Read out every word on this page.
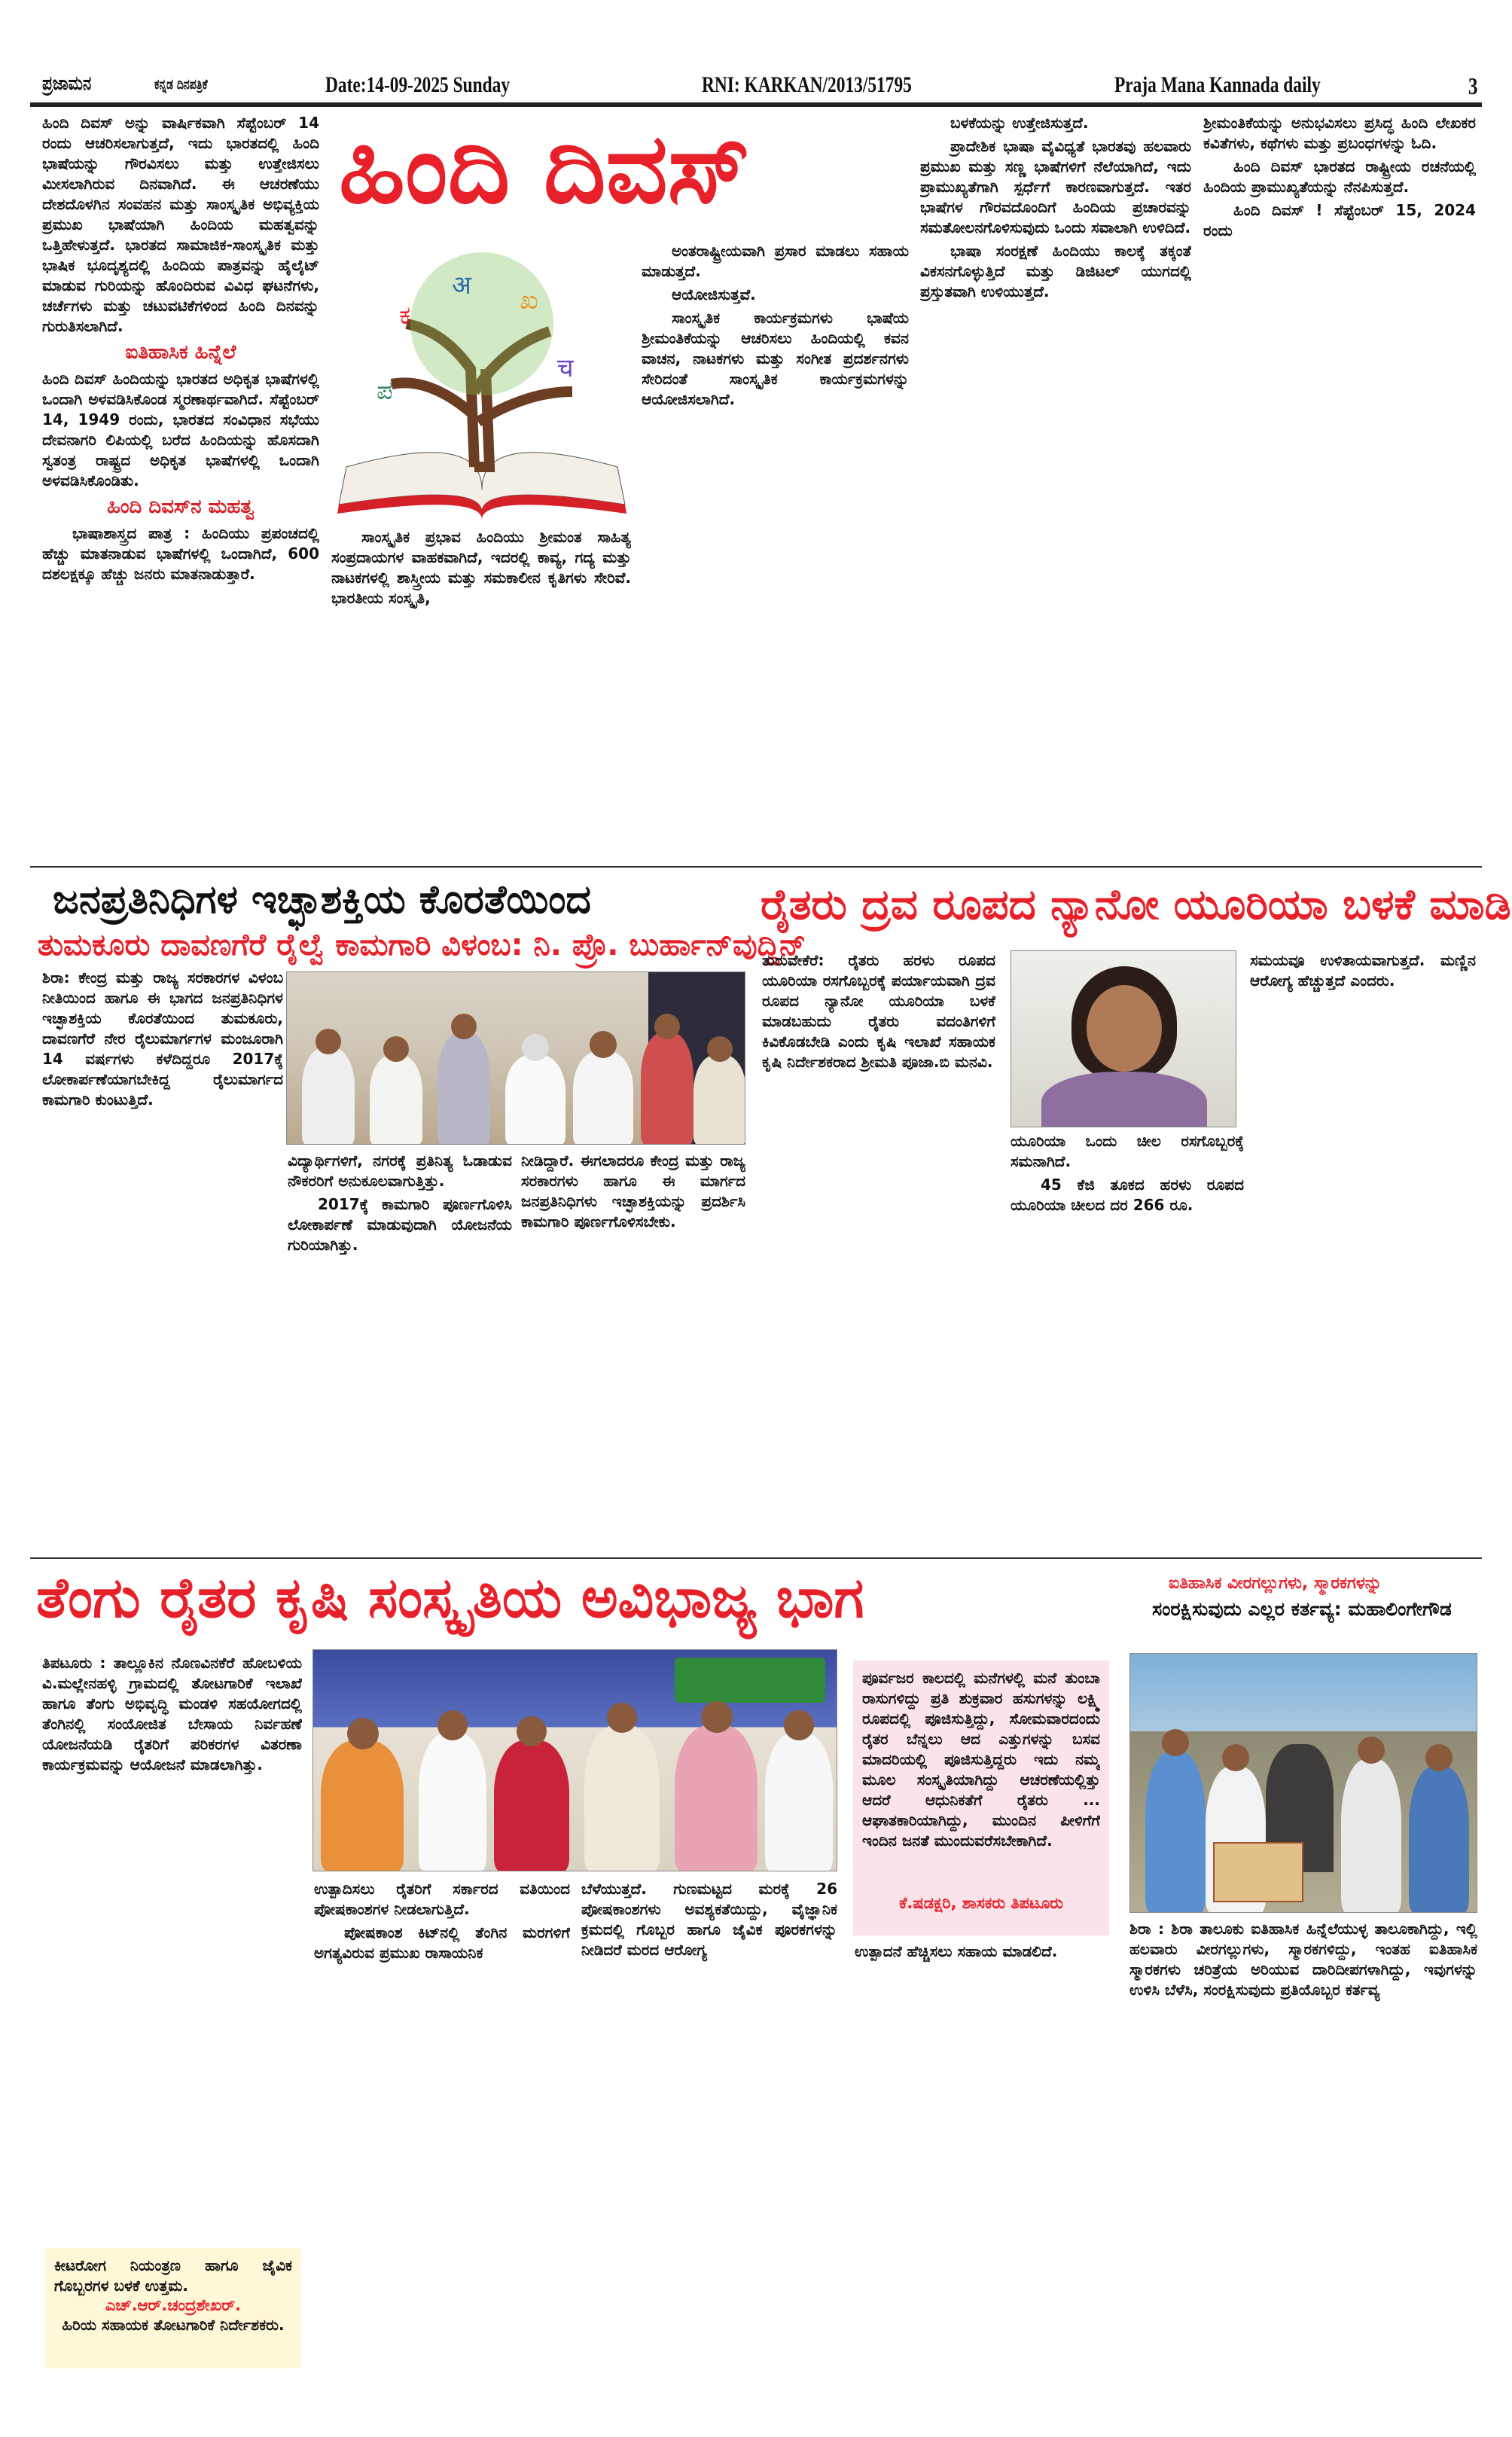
ಪ್ರಜಾಮನ	ಕನ್ನಡ ದಿನಪತ್ರಿಕೆ	Date:14-09-2025 Sunday	RNI: KARKAN/2013/51795	Praja Mana Kannada daily	3

ಹಿಂದಿ ದಿವಸ್ ಅನ್ನು ವಾರ್ಷಿಕವಾಗಿ ಸೆಪ್ಟೆಂಬರ್ 14 ರಂದು ಆಚರಿಸಲಾಗುತ್ತದೆ, ಇದು ಭಾರತದಲ್ಲಿ ಹಿಂದಿ ಭಾಷೆಯನ್ನು ಗೌರವಿಸಲು ಮತ್ತು ಉತ್ತೇಜಿಸಲು ಮೀಸಲಾಗಿರುವ ದಿನವಾಗಿದೆ. ಈ ಆಚರಣೆಯು ದೇಶದೊಳಗಿನ ಸಂವಹನ ಮತ್ತು ಸಾಂಸ್ಕೃತಿಕ ಅಭಿವ್ಯಕ್ತಿಯ ಪ್ರಮುಖ ಭಾಷೆಯಾಗಿ ಹಿಂದಿಯ ಮಹತ್ವವನ್ನು ಒತ್ತಿಹೇಳುತ್ತದೆ. ಭಾರತದ ಸಾಮಾಜಿಕ-ಸಾಂಸ್ಕೃತಿಕ ಮತ್ತು ಭಾಷಿಕ ಭೂದೃಶ್ಯದಲ್ಲಿ ಹಿಂದಿಯ ಪಾತ್ರವನ್ನು ಹೈಲೈಟ್ ಮಾಡುವ ಗುರಿಯನ್ನು ಹೊಂದಿರುವ ವಿವಿಧ ಘಟನೆಗಳು, ಚರ್ಚೆಗಳು ಮತ್ತು ಚಟುವಟಿಕೆಗಳಿಂದ ಹಿಂದಿ ದಿನವನ್ನು ಗುರುತಿಸಲಾಗಿದೆ.

ಐತಿಹಾಸಿಕ ಹಿನ್ನೆಲೆ

ಹಿಂದಿ ದಿವಸ್ ಹಿಂದಿಯನ್ನು ಭಾರತದ ಅಧಿಕೃತ ಭಾಷೆಗಳಲ್ಲಿ ಒಂದಾಗಿ ಅಳವಡಿಸಿಕೊಂಡ ಸ್ಮರಣಾರ್ಥವಾಗಿದೆ. ಸೆಪ್ಟೆಂಬರ್ 14, 1949 ರಂದು, ಭಾರತದ ಸಂವಿಧಾನ ಸಭೆಯು ದೇವನಾಗರಿ ಲಿಪಿಯಲ್ಲಿ ಬರೆದ ಹಿಂದಿಯನ್ನು ಹೊಸದಾಗಿ ಸ್ವತಂತ್ರ ರಾಷ್ಟ್ರದ ಅಧಿಕೃತ ಭಾಷೆಗಳಲ್ಲಿ ಒಂದಾಗಿ ಅಳವಡಿಸಿಕೊಂಡಿತು.

ಹಿಂದಿ ದಿವಸ್‌ನ ಮಹತ್ವ

ಭಾಷಾಶಾಸ್ತ್ರದ ಪಾತ್ರ : ಹಿಂದಿಯು ಪ್ರಪಂಚದಲ್ಲಿ ಹೆಚ್ಚು ಮಾತನಾಡುವ ಭಾಷೆಗಳಲ್ಲಿ ಒಂದಾಗಿದೆ, 600 ದಶಲಕ್ಷಕ್ಕೂ ಹೆಚ್ಚು ಜನರು ಮಾತನಾಡುತ್ತಾರೆ.

ಹಿಂದಿ ದಿವಸ್
ಕ
अ ಖ
च
ಪ

ಸಾಂಸ್ಕೃತಿಕ ಪ್ರಭಾವ ಹಿಂದಿಯು ಶ್ರೀಮಂತ ಸಾಹಿತ್ಯ ಸಂಪ್ರದಾಯಗಳ ವಾಹಕವಾಗಿದೆ, ಇದರಲ್ಲಿ ಕಾವ್ಯ, ಗದ್ಯ ಮತ್ತು ನಾಟಕಗಳಲ್ಲಿ ಶಾಸ್ತ್ರೀಯ ಮತ್ತು ಸಮಕಾಲೀನ ಕೃತಿಗಳು ಸೇರಿವೆ. ಭಾರತೀಯ ಸಂಸ್ಕೃತಿ,

ಅಂತರಾಷ್ಟ್ರೀಯವಾಗಿ ಪ್ರಸಾರ ಮಾಡಲು ಸಹಾಯ ಮಾಡುತ್ತದೆ.

ಆಯೋಜಿಸುತ್ತವೆ.

ಸಾಂಸ್ಕೃತಿಕ ಕಾರ್ಯಕ್ರಮಗಳು ಭಾಷೆಯ ಶ್ರೀಮಂತಿಕೆಯನ್ನು ಆಚರಿಸಲು ಹಿಂದಿಯಲ್ಲಿ ಕವನ ವಾಚನ, ನಾಟಕಗಳು ಮತ್ತು ಸಂಗೀತ ಪ್ರದರ್ಶನಗಳು ಸೇರಿದಂತೆ ಸಾಂಸ್ಕೃತಿಕ ಕಾರ್ಯಕ್ರಮಗಳನ್ನು ಆಯೋಜಿಸಲಾಗಿದೆ.

ಬಳಕೆಯನ್ನು ಉತ್ತೇಜಿಸುತ್ತದೆ.

ಪ್ರಾದೇಶಿಕ ಭಾಷಾ ವೈವಿಧ್ಯತೆ ಭಾರತವು ಹಲವಾರು ಪ್ರಮುಖ ಮತ್ತು ಸಣ್ಣ ಭಾಷೆಗಳಿಗೆ ನೆಲೆಯಾಗಿದೆ, ಇದು ಪ್ರಾಮುಖ್ಯತೆಗಾಗಿ ಸ್ಪರ್ಧೆಗೆ ಕಾರಣವಾಗುತ್ತದೆ. ಇತರ ಭಾಷೆಗಳ ಗೌರವದೊಂದಿಗೆ ಹಿಂದಿಯ ಪ್ರಚಾರವನ್ನು ಸಮತೋಲನಗೊಳಿಸುವುದು ಒಂದು ಸವಾಲಾಗಿ ಉಳಿದಿದೆ.

ಭಾಷಾ ಸಂರಕ್ಷಣೆ ಹಿಂದಿಯು ಕಾಲಕ್ಕೆ ತಕ್ಕಂತೆ ವಿಕಸನಗೊಳ್ಳುತ್ತಿದೆ ಮತ್ತು ಡಿಜಿಟಲ್ ಯುಗದಲ್ಲಿ ಪ್ರಸ್ತುತವಾಗಿ ಉಳಿಯುತ್ತದೆ.

ಶ್ರೀಮಂತಿಕೆಯನ್ನು ಅನುಭವಿಸಲು ಪ್ರಸಿದ್ಧ ಹಿಂದಿ ಲೇಖಕರ ಕವಿತೆಗಳು, ಕಥೆಗಳು ಮತ್ತು ಪ್ರಬಂಧಗಳನ್ನು ಓದಿ.

ಹಿಂದಿ ದಿವಸ್ ಭಾರತದ ರಾಷ್ಟ್ರೀಯ ರಚನೆಯಲ್ಲಿ ಹಿಂದಿಯ ಪ್ರಾಮುಖ್ಯತೆಯನ್ನು ನೆನಪಿಸುತ್ತದೆ.

ಹಿಂದಿ ದಿವಸ್ ! ಸೆಪ್ಟೆಂಬರ್ 15, 2024 ರಂದು

ಜನಪ್ರತಿನಿಧಿಗಳ ಇಚ್ಛಾಶಕ್ತಿಯ ಕೊರತೆಯಿಂದ
ತುಮಕೂರು ದಾವಣಗೆರೆ ರೈಲ್ವೆ ಕಾಮಗಾರಿ ವಿಳಂಬ: ನಿ. ಪ್ರೊ. ಬುರ್ಹಾನ್‌ವುದ್ದಿನ್

ಶಿರಾ: ಕೇಂದ್ರ ಮತ್ತು ರಾಜ್ಯ ಸರಕಾರಗಳ ವಿಳಂಬ ನೀತಿಯಿಂದ ಹಾಗೂ ಈ ಭಾಗದ ಜನಪ್ರತಿನಿಧಿಗಳ ಇಚ್ಛಾಶಕ್ತಿಯ ಕೊರತೆಯಿಂದ ತುಮಕೂರು, ದಾವಣಗೆರೆ ನೇರ ರೈಲುಮಾರ್ಗಗಳ ಮಂಜೂರಾಗಿ 14 ವರ್ಷಗಳು ಕಳೆದಿದ್ದರೂ 2017ಕ್ಕೆ ಲೋಕಾರ್ಪಣೆಯಾಗಬೇಕಿದ್ದ ರೈಲುಮಾರ್ಗದ ಕಾಮಗಾರಿ ಕುಂಟುತ್ತಿದೆ.

ವಿದ್ಯಾರ್ಥಿಗಳಿಗೆ, ನಗರಕ್ಕೆ ಪ್ರತಿನಿತ್ಯ ಓಡಾಡುವ ನೌಕರರಿಗೆ ಅನುಕೂಲವಾಗುತ್ತಿತ್ತು.

2017ಕ್ಕೆ ಕಾಮಗಾರಿ ಪೂರ್ಣಗೊಳಿಸಿ ಲೋಕಾರ್ಪಣೆ ಮಾಡುವುದಾಗಿ ಯೋಜನೆಯ ಗುರಿಯಾಗಿತ್ತು.

ನೀಡಿದ್ದಾರೆ. ಈಗಲಾದರೂ ಕೇಂದ್ರ ಮತ್ತು ರಾಜ್ಯ ಸರಕಾರಗಳು ಹಾಗೂ ಈ ಮಾರ್ಗದ ಜನಪ್ರತಿನಿಧಿಗಳು ಇಚ್ಛಾಶಕ್ತಿಯನ್ನು ಪ್ರದರ್ಶಿಸಿ ಕಾಮಗಾರಿ ಪೂರ್ಣಗೊಳಿಸಬೇಕು.

ರೈತರು ದ್ರವ ರೂಪದ ನ್ಯಾನೋ ಯೂರಿಯಾ ಬಳಕೆ ಮಾಡಿ

ತುರುವೇಕೆರೆ: ರೈತರು ಹರಳು ರೂಪದ ಯೂರಿಯಾ ರಸಗೊಬ್ಬರಕ್ಕೆ ಪರ್ಯಾಯವಾಗಿ ದ್ರವ ರೂಪದ ನ್ಯಾನೋ ಯೂರಿಯಾ ಬಳಕೆ ಮಾಡಬಹುದು ರೈತರು ವದಂತಿಗಳಿಗೆ ಕಿವಿಕೊಡಬೇಡಿ ಎಂದು ಕೃಷಿ ಇಲಾಖೆ ಸಹಾಯಕ ಕೃಷಿ ನಿರ್ದೇಶಕರಾದ ಶ್ರೀಮತಿ ಪೂಜಾ.ಬಿ ಮನವಿ.

ಯೂರಿಯಾ ಒಂದು ಚೀಲ ರಸಗೊಬ್ಬರಕ್ಕೆ ಸಮನಾಗಿದೆ.

45 ಕೆಜಿ ತೂಕದ ಹರಳು ರೂಪದ ಯೂರಿಯಾ ಚೀಲದ ದರ 266 ರೂ.

ಸಮಯವೂ ಉಳಿತಾಯವಾಗುತ್ತದೆ. ಮಣ್ಣಿನ ಆರೋಗ್ಯ ಹೆಚ್ಚುತ್ತದೆ ಎಂದರು.

ತೆಂಗು ರೈತರ ಕೃಷಿ ಸಂಸ್ಕೃತಿಯ ಅವಿಭಾಜ್ಯ ಭಾಗ	ಐತಿಹಾಸಿಕ ವೀರಗಲ್ಲುಗಳು, ಸ್ಮಾರಕಗಳನ್ನು
ಸಂರಕ್ಷಿಸುವುದು ಎಲ್ಲರ ಕರ್ತವ್ಯ: ಮಹಾಲಿಂಗೇಗೌಡ

ತಿಪಟೂರು : ತಾಲ್ಲೂಕಿನ ನೊಣವಿನಕೆರೆ ಹೋಬಳಿಯ ವಿ.ಮಲ್ಲೇನಹಳ್ಳಿ ಗ್ರಾಮದಲ್ಲಿ ತೋಟಗಾರಿಕೆ ಇಲಾಖೆ ಹಾಗೂ ತೆಂಗು ಅಭಿವೃದ್ಧಿ ಮಂಡಳಿ ಸಹಯೋಗದಲ್ಲಿ ತೆಂಗಿನಲ್ಲಿ ಸಂಯೋಜಿತ ಬೇಸಾಯ ನಿರ್ವಹಣೆ ಯೋಜನೆಯಡಿ ರೈತರಿಗೆ ಪರಿಕರಗಳ ವಿತರಣಾ ಕಾರ್ಯಕ್ರಮವನ್ನು ಆಯೋಜನೆ ಮಾಡಲಾಗಿತ್ತು.

ಕೀಟರೋಗ ನಿಯಂತ್ರಣ ಹಾಗೂ ಜೈವಿಕ ಗೊಬ್ಬರಗಳ ಬಳಕೆ ಉತ್ತಮ.
ಎಚ್.ಆರ್.ಚಂದ್ರಶೇಖರ್.
ಹಿರಿಯ ಸಹಾಯಕ ತೋಟಗಾರಿಕೆ ನಿರ್ದೇಶಕರು.

ಉತ್ಪಾದಿಸಲು ರೈತರಿಗೆ ಸರ್ಕಾರದ ವತಿಯಿಂದ ಪೋಷಕಾಂಶಗಳ ನೀಡಲಾಗುತ್ತಿದೆ.

ಪೋಷಕಾಂಶ ಕಿಟ್‌ನಲ್ಲಿ ತೆಂಗಿನ ಮರಗಳಿಗೆ ಅಗತ್ಯವಿರುವ ಪ್ರಮುಖ ರಾಸಾಯನಿಕ

ಬೆಳೆಯುತ್ತದೆ. ಗುಣಮಟ್ಟದ ಮರಕ್ಕೆ 26 ಪೋಷಕಾಂಶಗಳು ಅವಶ್ಯಕತೆಯಿದ್ದು, ವೈಜ್ಞಾನಿಕ ಕ್ರಮದಲ್ಲಿ ಗೊಬ್ಬರ ಹಾಗೂ ಜೈವಿಕ ಪೂರಕಗಳನ್ನು ನೀಡಿದರೆ ಮರದ ಆರೋಗ್ಯ

ಪೂರ್ವಜರ ಕಾಲದಲ್ಲಿ ಮನೆಗಳಲ್ಲಿ ಮನೆ ತುಂಬಾ ರಾಸುಗಳಿದ್ದು ಪ್ರತಿ ಶುಕ್ರವಾರ ಹಸುಗಳನ್ನು ಲಕ್ಷ್ಮಿ ರೂಪದಲ್ಲಿ ಪೂಜಿಸುತ್ತಿದ್ದು, ಸೋಮವಾರದಂದು ರೈತರ ಬೆನ್ನಲು ಆದ ಎತ್ತುಗಳನ್ನು ಬಸವ ಮಾದರಿಯಲ್ಲಿ ಪೂಜಿಸುತ್ತಿದ್ದರು ಇದು ನಮ್ಮ ಮೂಲ ಸಂಸ್ಕೃತಿಯಾಗಿದ್ದು ಆಚರಣೆಯಲ್ಲಿತ್ತು ಆದರೆ ಆಧುನಿಕತೆಗೆ ರೈತರು ... ಆಘಾತಕಾರಿಯಾಗಿದ್ದು, ಮುಂದಿನ ಪೀಳಿಗೆಗೆ ಇಂದಿನ ಜನತೆ ಮುಂದುವರೆಸಬೇಕಾಗಿದೆ.
ಕೆ.ಷಡಕ್ಷರಿ, ಶಾಸಕರು ತಿಪಟೂರು

ಉತ್ಪಾದನೆ ಹೆಚ್ಚಿಸಲು ಸಹಾಯ ಮಾಡಲಿದೆ.

ಶಿರಾ : ಶಿರಾ ತಾಲೂಕು ಐತಿಹಾಸಿಕ ಹಿನ್ನೆಲೆಯುಳ್ಳ ತಾಲೂಕಾಗಿದ್ದು, ಇಲ್ಲಿ ಹಲವಾರು ವೀರಗಲ್ಲುಗಳು, ಸ್ಮಾರಕಗಳಿದ್ದು, ಇಂತಹ ಐತಿಹಾಸಿಕ ಸ್ಮಾರಕಗಳು ಚರಿತ್ರೆಯ ಅರಿಯುವ ದಾರಿದೀಪಗಳಾಗಿದ್ದು, ಇವುಗಳನ್ನು ಉಳಿಸಿ ಬೆಳೆಸಿ, ಸಂರಕ್ಷಿಸುವುದು ಪ್ರತಿಯೊಬ್ಬರ ಕರ್ತವ್ಯ
